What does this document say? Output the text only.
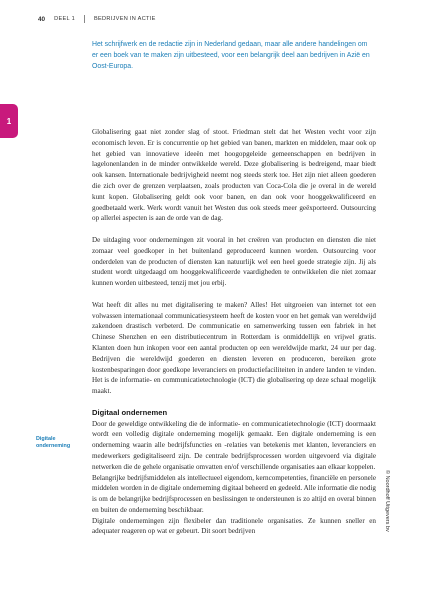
40 DEEL 1	BEDRIJVEN IN ACTIE
Het schrijfwerk en de redactie zijn in Nederland gedaan, maar alle andere handelingen om er een boek van te maken zijn uitbesteed, voor een belangrijk deel aan bedrijven in Azië en Oost-Europa.
1

Globalisering gaat niet zonder slag of stoot. Friedman stelt dat het Westen vecht voor zijn economisch leven. Er is concurrentie op het gebied van banen, markten en middelen, maar ook op het gebied van innovatieve ideeën met hoogopgeleide gemeenschappen en bedrijven in lagelonenlanden in de minder ontwikkelde wereld. Deze globalisering is bedreigend, maar biedt ook kansen. Internationale bedrijvigheid neemt nog steeds sterk toe. Het zijn niet alleen goederen die zich over de grenzen verplaatsen, zoals producten van Coca-Cola die je overal in de wereld kunt kopen. Globalisering geldt ook voor banen, en dan ook voor hooggekwalificeerd en goedbetaald werk. Werk wordt vanuit het Westen dus ook steeds meer geëxporteerd. Outsourcing op allerlei aspecten is aan de orde van de dag.

De uitdaging voor ondernemingen zit vooral in het creëren van producten en diensten die niet zomaar veel goedkoper in het buitenland geproduceerd kunnen worden. Outsourcing voor onderdelen van de producten of diensten kan natuurlijk wel een heel goede strategie zijn. Jij als student wordt uitgedaagd om hooggekwalificeerde vaardigheden te ontwikkelen die niet zomaar kunnen worden uitbesteed, tenzij met jou erbij.

Wat heeft dit alles nu met digitalisering te maken? Alles! Het uitgroeien van internet tot een volwassen internationaal communicatiesysteem heeft de kosten voor en het gemak van wereldwijd zakendoen drastisch verbeterd. De communicatie en samenwerking tussen een fabriek in het Chinese Shenzhen en een distributiecentrum in Rotterdam is onmiddellijk en vrijwel gratis. Klanten doen hun inkopen voor een aantal producten op een wereldwijde markt, 24 uur per dag. Bedrijven die wereldwijd goederen en diensten leveren en produceren, bereiken grote kostenbesparingen door goedkope leveranciers en productiefaciliteiten in andere landen te vinden. Het is de informatie- en communicatietechnologie (ICT) die globalisering op deze schaal mogelijk maakt.

Digitaal ondernemen

Door de geweldige ontwikkeling die de informatie- en communicatietechnologie (ICT) doormaakt wordt een volledig digitale onderneming mogelijk gemaakt. Een digitale onderneming is een onderneming waarin alle bedrijfsfuncties en -relaties van betekenis met klanten, leveranciers en medewerkers gedigitaliseerd zijn. De centrale bedrijfsprocessen worden uitgevoerd via digitale netwerken die de gehele organisatie omvatten en/of verschillende organisaties aan elkaar koppelen.

Belangrijke bedrijfsmiddelen als intellectueel eigendom, kerncompetenties, financiële en personele middelen worden in de digitale onderneming digitaal beheerd en gedeeld. Alle informatie die nodig is om de belangrijke bedrijfsprocessen en beslissingen te ondersteunen is zo altijd en overal binnen en buiten de onderneming beschikbaar.

Digitale ondernemingen zijn flexibeler dan traditionele organisaties. Ze kunnen sneller en adequater reageren op wat er gebeurt. Dit soort bedrijven

Digitale onderneming
© Noordhoff Uitgevers bv
